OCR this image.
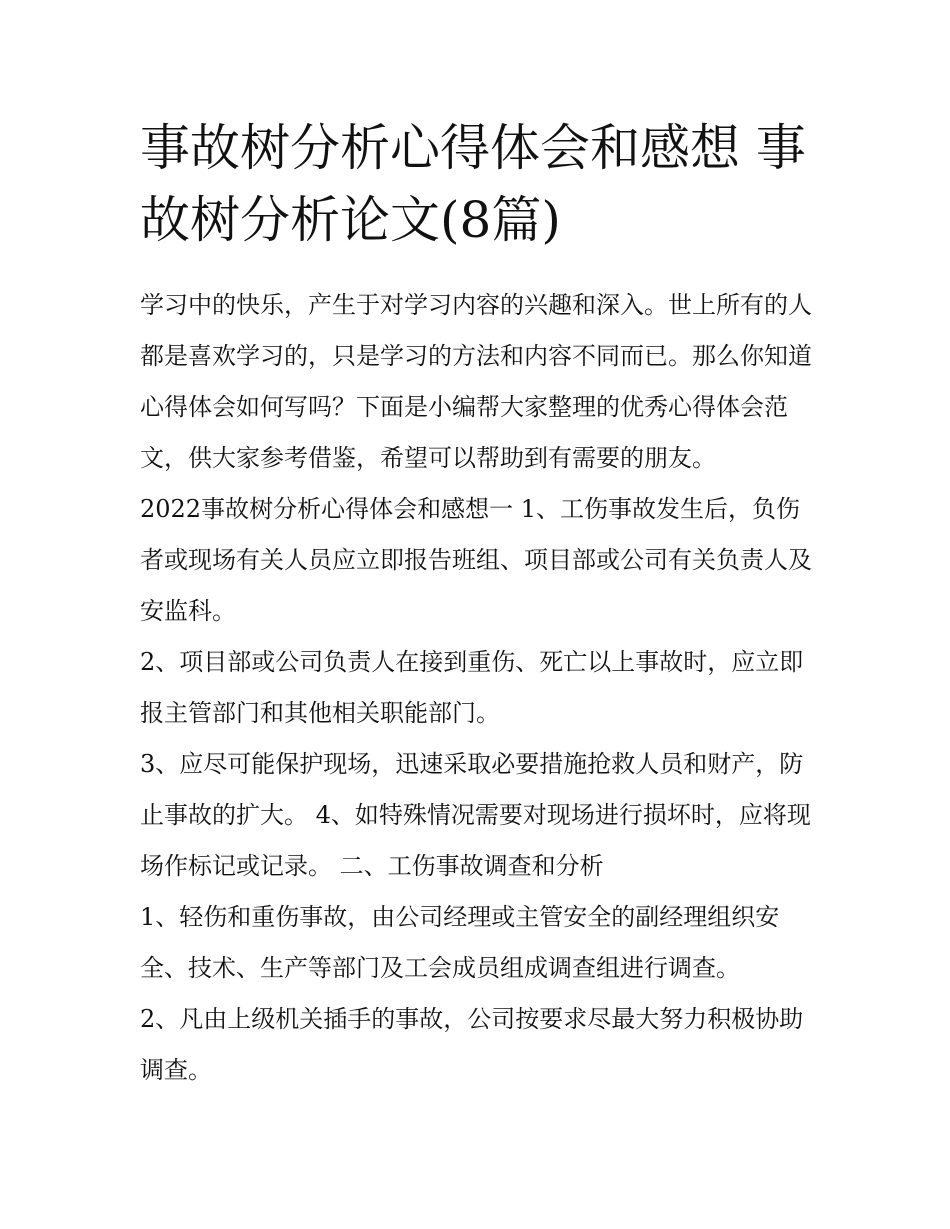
事故树分析心得体会和感想 事故树分析论文(8篇)

学习中的快乐，产生于对学习内容的兴趣和深入。世上所有的人都是喜欢学习的，只是学习的方法和内容不同而已。那么你知道心得体会如何写吗？下面是小编帮大家整理的优秀心得体会范文，供大家参考借鉴，希望可以帮助到有需要的朋友。

2022事故树分析心得体会和感想一 1、工伤事故发生后，负伤者或现场有关人员应立即报告班组、项目部或公司有关负责人及安监科。

2、项目部或公司负责人在接到重伤、死亡以上事故时，应立即报主管部门和其他相关职能部门。

3、应尽可能保护现场，迅速采取必要措施抢救人员和财产，防止事故的扩大。 4、如特殊情况需要对现场进行损坏时，应将现场作标记或记录。 二、工伤事故调查和分析

1、轻伤和重伤事故，由公司经理或主管安全的副经理组织安全、技术、生产等部门及工会成员组成调查组进行调查。

2、凡由上级机关插手的事故，公司按要求尽最大努力积极协助调查。
